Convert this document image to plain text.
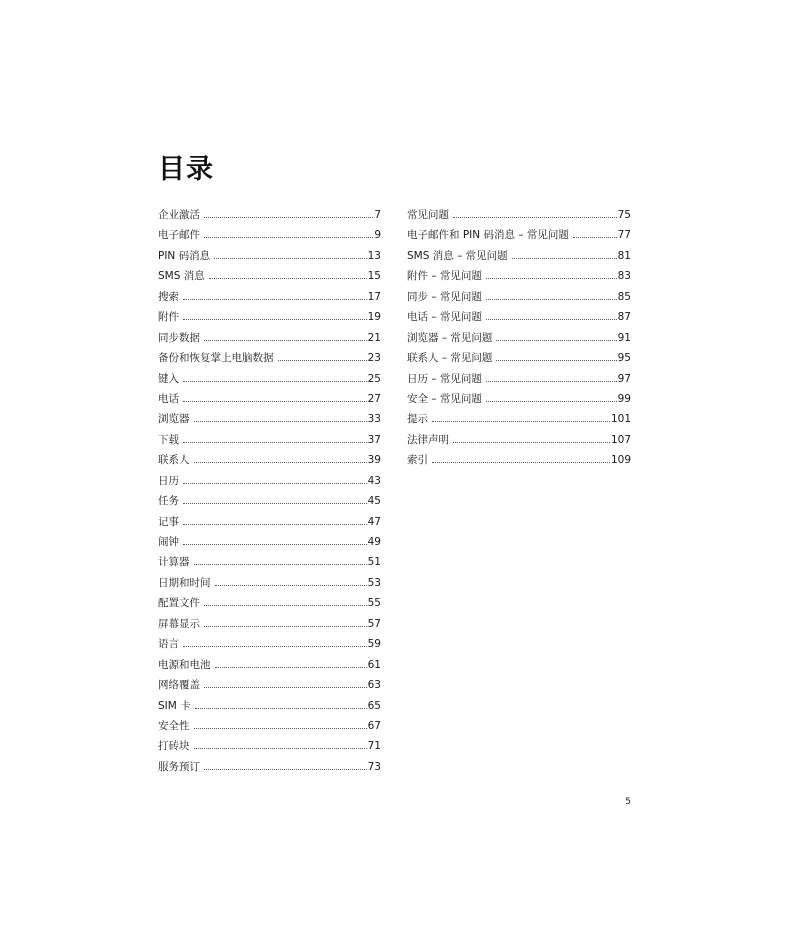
目录
企业激活	7
电子邮件	9
PIN 码消息	13
SMS 消息	15
搜索	17
附件	19
同步数据	21
备份和恢复掌上电脑数据	23
键入	25
电话	27
浏览器	33
下载	37
联系人	39
日历	43
任务	45
记事	47
闹钟	49
计算器	51
日期和时间	53
配置文件	55
屏幕显示	57
语言	59
电源和电池	61
网络覆盖	63
SIM 卡	65
安全性	67
打砖块	71
服务预订	73
常见问题	75
电子邮件和 PIN 码消息 – 常见问题	77
SMS 消息 – 常见问题	81
附件 – 常见问题	83
同步 – 常见问题	85
电话 – 常见问题	87
浏览器 – 常见问题	91
联系人 – 常见问题	95
日历 – 常见问题	97
安全 – 常见问题	99
提示	101
法律声明	107
索引	109
5
